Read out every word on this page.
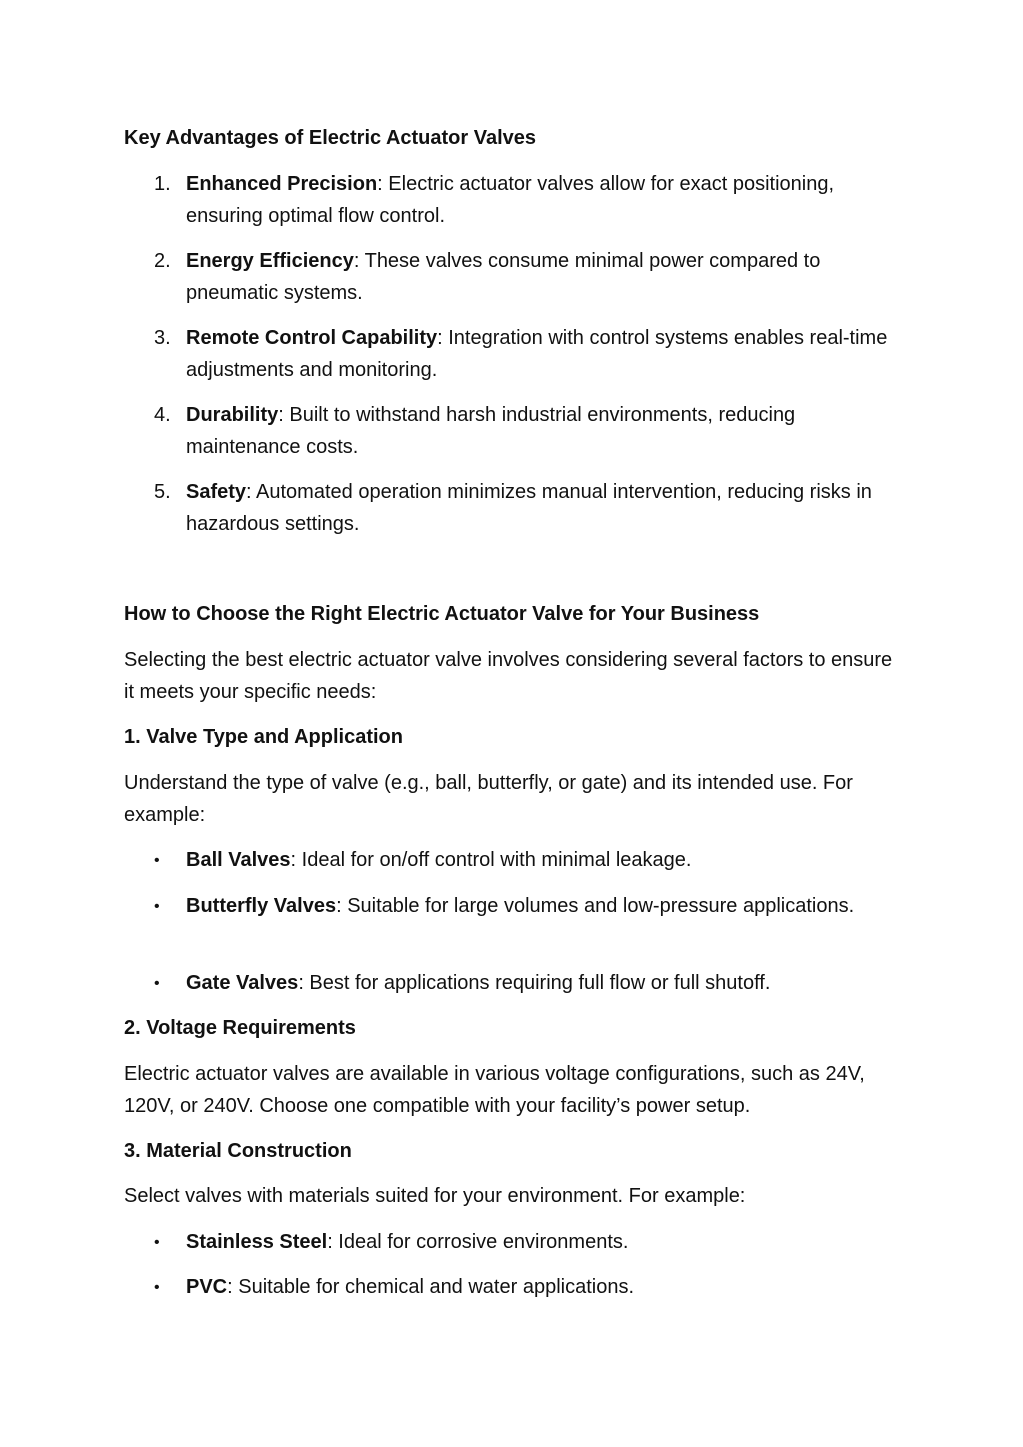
Key Advantages of Electric Actuator Valves
1. Enhanced Precision: Electric actuator valves allow for exact positioning, ensuring optimal flow control.
2. Energy Efficiency: These valves consume minimal power compared to pneumatic systems.
3. Remote Control Capability: Integration with control systems enables real-time adjustments and monitoring.
4. Durability: Built to withstand harsh industrial environments, reducing maintenance costs.
5. Safety: Automated operation minimizes manual intervention, reducing risks in hazardous settings.
How to Choose the Right Electric Actuator Valve for Your Business
Selecting the best electric actuator valve involves considering several factors to ensure it meets your specific needs:
1. Valve Type and Application
Understand the type of valve (e.g., ball, butterfly, or gate) and its intended use. For example:
• Ball Valves: Ideal for on/off control with minimal leakage.
• Butterfly Valves: Suitable for large volumes and low-pressure applications.
• Gate Valves: Best for applications requiring full flow or full shutoff.
2. Voltage Requirements
Electric actuator valves are available in various voltage configurations, such as 24V, 120V, or 240V. Choose one compatible with your facility’s power setup.
3. Material Construction
Select valves with materials suited for your environment. For example:
• Stainless Steel: Ideal for corrosive environments.
• PVC: Suitable for chemical and water applications.
